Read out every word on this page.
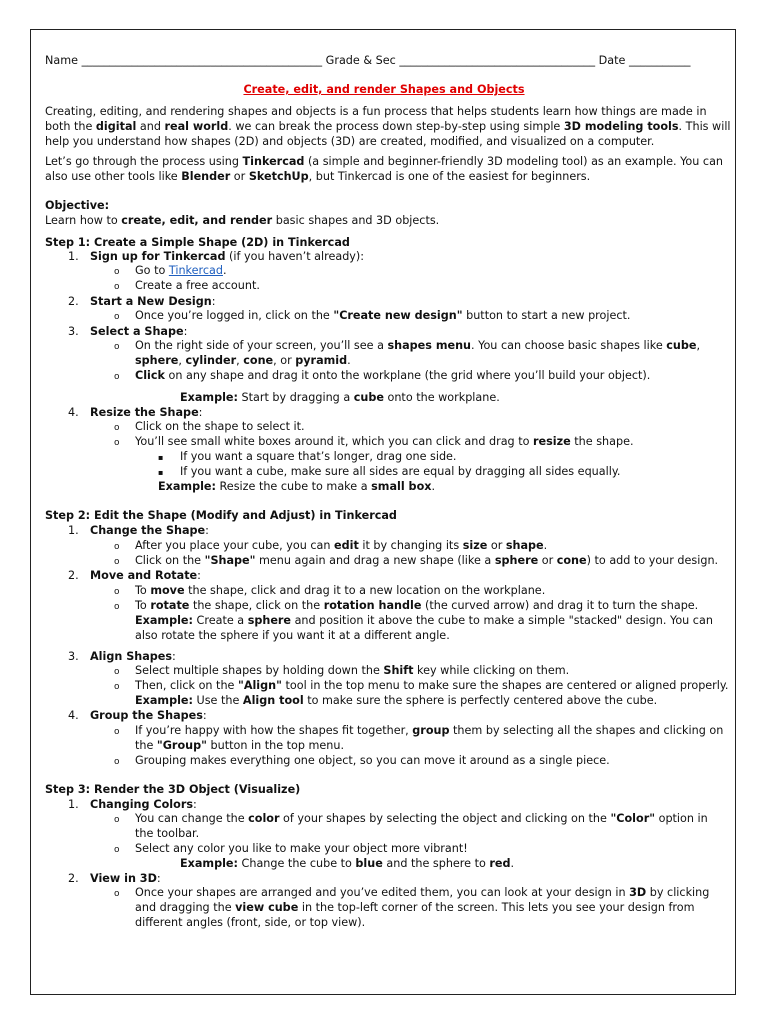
Name ___________________________________________ Grade & Sec ___________________________________ Date ___________
Create, edit, and render Shapes and Objects
Creating, editing, and rendering shapes and objects is a fun process that helps students learn how things are made in both the digital and real world. we can break the process down step-by-step using simple 3D modeling tools. This will help you understand how shapes (2D) and objects (3D) are created, modified, and visualized on a computer.
Let’s go through the process using Tinkercad (a simple and beginner-friendly 3D modeling tool) as an example. You can also use other tools like Blender or SketchUp, but Tinkercad is one of the easiest for beginners.
Objective:
Learn how to create, edit, and render basic shapes and 3D objects.
Step 1: Create a Simple Shape (2D) in Tinkercad
1. Sign up for Tinkercad (if you haven’t already):
o Go to Tinkercad.
o Create a free account.
2. Start a New Design:
o Once you’re logged in, click on the "Create new design" button to start a new project.
3. Select a Shape:
o On the right side of your screen, you’ll see a shapes menu. You can choose basic shapes like cube,
sphere, cylinder, cone, or pyramid.
o Click on any shape and drag it onto the workplane (the grid where you’ll build your object).
Example: Start by dragging a cube onto the workplane.
4. Resize the Shape:
o Click on the shape to select it.
o You’ll see small white boxes around it, which you can click and drag to resize the shape.
▪ If you want a square that’s longer, drag one side.
▪ If you want a cube, make sure all sides are equal by dragging all sides equally.
Example: Resize the cube to make a small box.
Step 2: Edit the Shape (Modify and Adjust) in Tinkercad
1. Change the Shape:
o After you place your cube, you can edit it by changing its size or shape.
o Click on the "Shape" menu again and drag a new shape (like a sphere or cone) to add to your design.
2. Move and Rotate:
o To move the shape, click and drag it to a new location on the workplane.
o To rotate the shape, click on the rotation handle (the curved arrow) and drag it to turn the shape.
Example: Create a sphere and position it above the cube to make a simple "stacked" design. You can also rotate the sphere if you want it at a different angle.
3. Align Shapes:
o Select multiple shapes by holding down the Shift key while clicking on them.
o Then, click on the "Align" tool in the top menu to make sure the shapes are centered or aligned properly.
Example: Use the Align tool to make sure the sphere is perfectly centered above the cube.
4. Group the Shapes:
o If you’re happy with how the shapes fit together, group them by selecting all the shapes and clicking on the "Group" button in the top menu.
o Grouping makes everything one object, so you can move it around as a single piece.
Step 3: Render the 3D Object (Visualize)
1. Changing Colors:
o You can change the color of your shapes by selecting the object and clicking on the "Color" option in the toolbar.
o Select any color you like to make your object more vibrant!
Example: Change the cube to blue and the sphere to red.
2. View in 3D:
o Once your shapes are arranged and you’ve edited them, you can look at your design in 3D by clicking and dragging the view cube in the top-left corner of the screen. This lets you see your design from different angles (front, side, or top view).
